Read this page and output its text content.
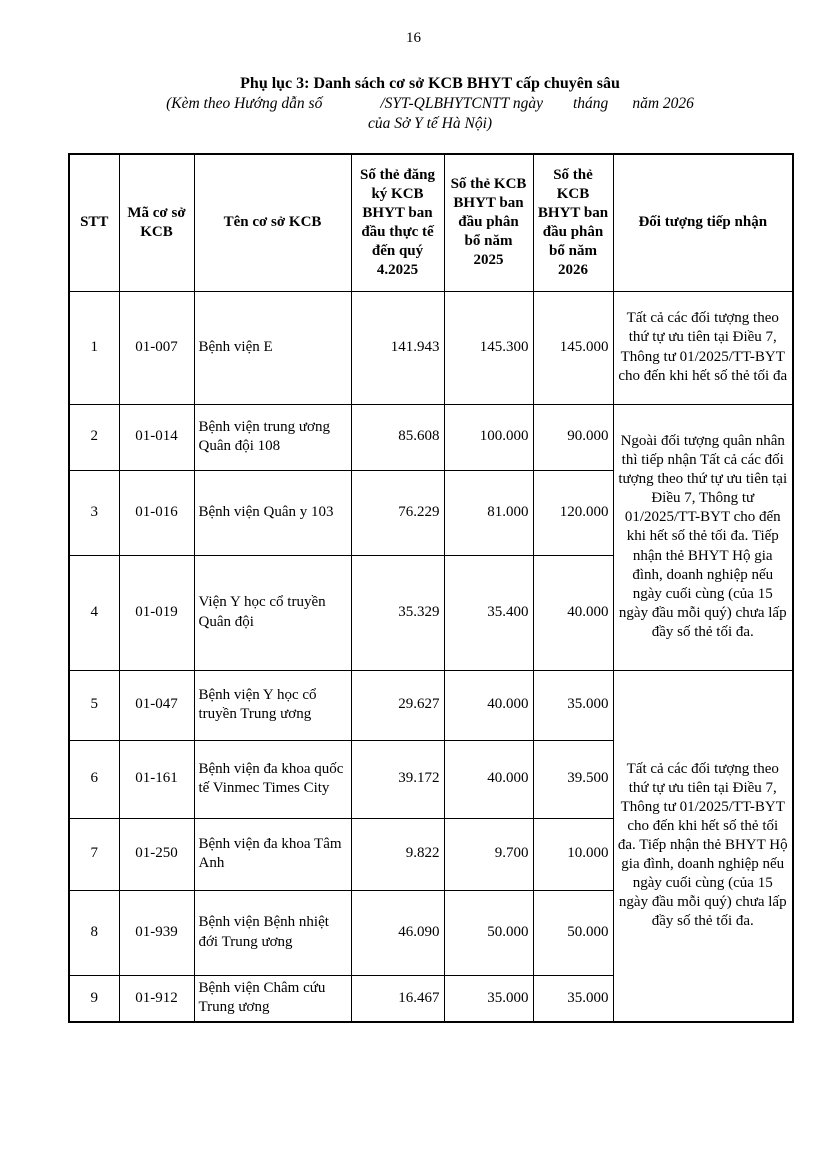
16
Phụ lục 3: Danh sách cơ sở KCB BHYT cấp chuyên sâu
(Kèm theo Hướng dẫn số	/SYT-QLBHYTCNTT ngày tháng năm 2026
của Sở Y tế Hà Nội)
STT	Mã cơ sở KCB	Tên cơ sở KCB	Số thẻ đăng ký KCB BHYT ban đầu thực tế đến quý 4.2025	Số thẻ KCB BHYT ban đầu phân bổ năm 2025	Số thẻ KCB BHYT ban đầu phân bổ năm 2026	Đối tượng tiếp nhận
1	01-007	Bệnh viện E	141.943	145.300	145.000	Tất cả các đối tượng theo thứ tự ưu tiên tại Điều 7, Thông tư 01/2025/TT-BYT cho đến khi hết số thẻ tối đa
2	01-014	Bệnh viện trung ương Quân đội 108	85.608	100.000	90.000	Ngoài đối tượng quân nhân thì tiếp nhận Tất cả các đối tượng theo thứ tự ưu tiên tại Điều 7, Thông tư 01/2025/TT-BYT cho đến khi hết số thẻ tối đa. Tiếp nhận thẻ BHYT Hộ gia đình, doanh nghiệp nếu ngày cuối cùng (của 15 ngày đầu mỗi quý) chưa lấp đầy số thẻ tối đa.
3	01-016	Bệnh viện Quân y 103	76.229	81.000	120.000	
4	01-019	Viện Y học cổ truyền Quân đội	35.329	35.400	40.000	
5	01-047	Bệnh viện Y học cổ truyền Trung ương	29.627	40.000	35.000	Tất cả các đối tượng theo thứ tự ưu tiên tại Điều 7, Thông tư 01/2025/TT-BYT cho đến khi hết số thẻ tối đa. Tiếp nhận thẻ BHYT Hộ gia đình, doanh nghiệp nếu ngày cuối cùng (của 15 ngày đầu mỗi quý) chưa lấp đầy số thẻ tối đa.
6	01-161	Bệnh viện đa khoa quốc tế Vinmec Times City	39.172	40.000	39.500	
7	01-250	Bệnh viện đa khoa Tâm Anh	9.822	9.700	10.000	
8	01-939	Bệnh viện Bệnh nhiệt đới Trung ương	46.090	50.000	50.000	
9	01-912	Bệnh viện Châm cứu Trung ương	16.467	35.000	35.000	
